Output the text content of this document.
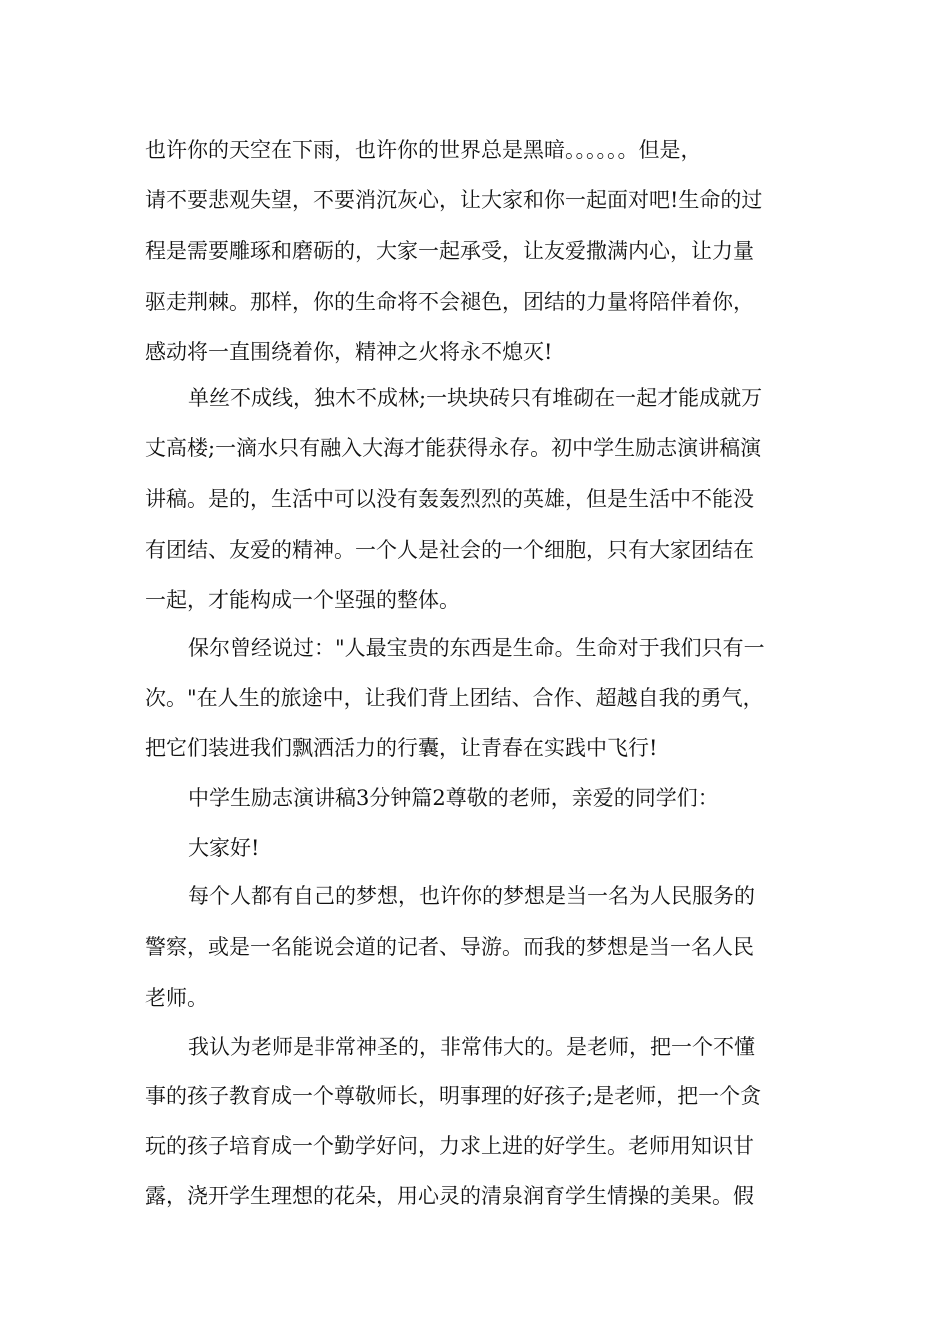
也许你的天空在下雨，也许你的世界总是黑暗。。。。。。但是，
请不要悲观失望，不要消沉灰心，让大家和你一起面对吧!生命的过
程是需要雕琢和磨砺的，大家一起承受，让友爱撒满内心，让力量
驱走荆棘。那样，你的生命将不会褪色，团结的力量将陪伴着你，
感动将一直围绕着你，精神之火将永不熄灭!
单丝不成线，独木不成林;一块块砖只有堆砌在一起才能成就万
丈高楼;一滴水只有融入大海才能获得永存。初中学生励志演讲稿演
讲稿。是的，生活中可以没有轰轰烈烈的英雄，但是生活中不能没
有团结、友爱的精神。一个人是社会的一个细胞，只有大家团结在
一起，才能构成一个坚强的整体。
保尔曾经说过："人最宝贵的东西是生命。生命对于我们只有一
次。"在人生的旅途中，让我们背上团结、合作、超越自我的勇气，
把它们装进我们飘洒活力的行囊，让青春在实践中飞行!
中学生励志演讲稿3分钟篇2尊敬的老师，亲爱的同学们：
大家好!
每个人都有自己的梦想，也许你的梦想是当一名为人民服务的
警察，或是一名能说会道的记者、导游。而我的梦想是当一名人民
老师。
我认为老师是非常神圣的，非常伟大的。是老师，把一个不懂
事的孩子教育成一个尊敬师长，明事理的好孩子;是老师，把一个贪
玩的孩子培育成一个勤学好问，力求上进的好学生。老师用知识甘
露，浇开学生理想的花朵，用心灵的清泉润育学生情操的美果。假
